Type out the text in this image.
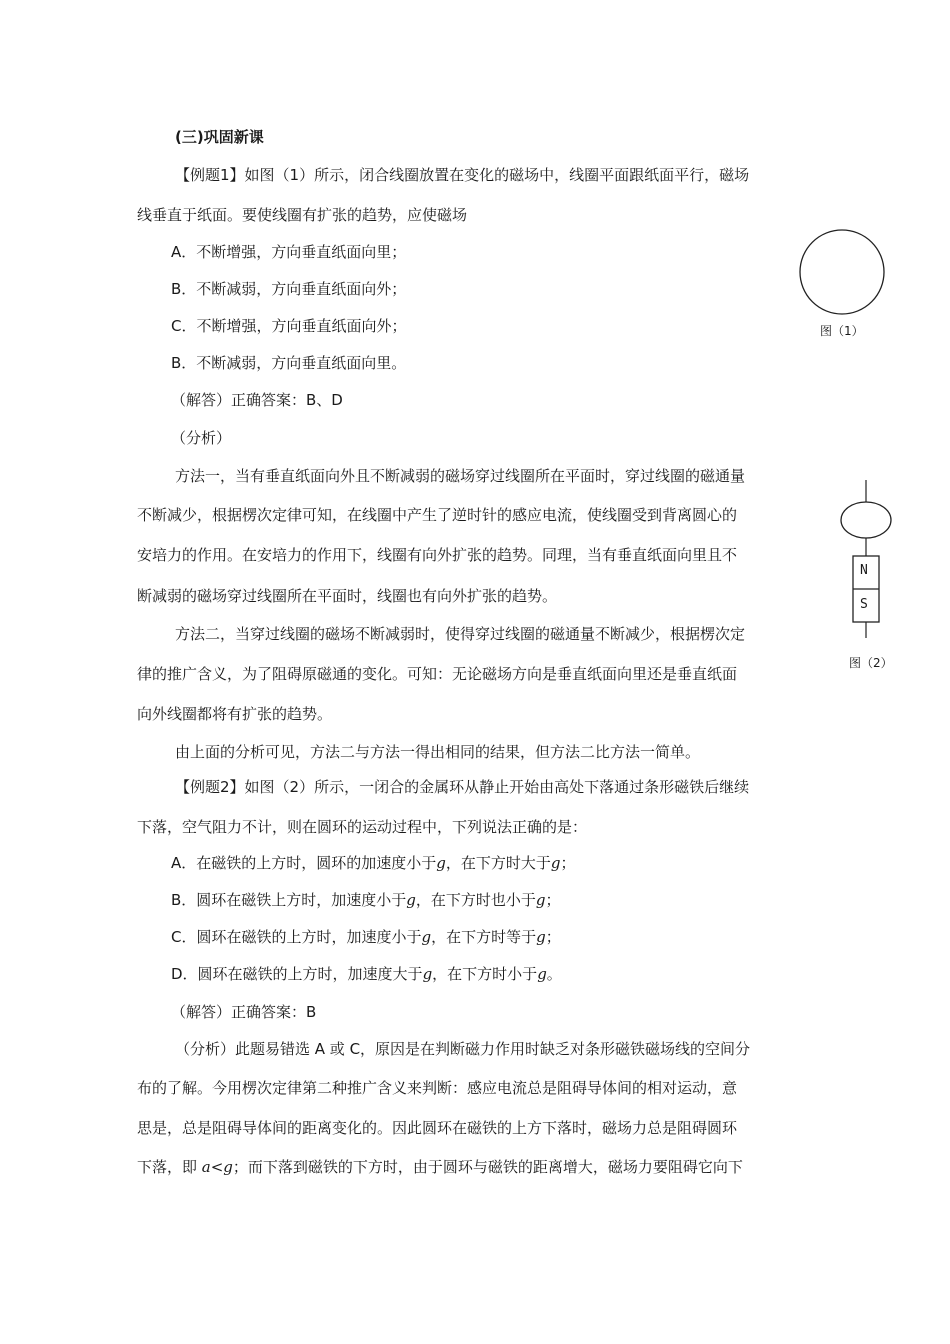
(三)巩固新课
【例题1】如图（1）所示，闭合线圈放置在变化的磁场中，线圈平面跟纸面平行，磁场
线垂直于纸面。要使线圈有扩张的趋势，应使磁场
A．不断增强，方向垂直纸面向里；
B．不断减弱，方向垂直纸面向外；
C．不断增强，方向垂直纸面向外；
B．不断减弱，方向垂直纸面向里。
（解答）正确答案：B、D
（分析）
方法一，当有垂直纸面向外且不断减弱的磁场穿过线圈所在平面时，穿过线圈的磁通量
不断减少，根据楞次定律可知，在线圈中产生了逆时针的感应电流，使线圈受到背离圆心的
安培力的作用。在安培力的作用下，线圈有向外扩张的趋势。同理，当有垂直纸面向里且不
断减弱的磁场穿过线圈所在平面时，线圈也有向外扩张的趋势。
方法二，当穿过线圈的磁场不断减弱时，使得穿过线圈的磁通量不断减少，根据楞次定
律的推广含义，为了阻碍原磁通的变化。可知：无论磁场方向是垂直纸面向里还是垂直纸面
向外线圈都将有扩张的趋势。
由上面的分析可见，方法二与方法一得出相同的结果，但方法二比方法一简单。
【例题2】如图（2）所示，一闭合的金属环从静止开始由高处下落通过条形磁铁后继续
下落，空气阻力不计，则在圆环的运动过程中，下列说法正确的是：
A．在磁铁的上方时，圆环的加速度小于g，在下方时大于g；
B．圆环在磁铁上方时，加速度小于g，在下方时也小于g；
C．圆环在磁铁的上方时，加速度小于g，在下方时等于g；
D．圆环在磁铁的上方时，加速度大于g，在下方时小于g。
（解答）正确答案：B
（分析）此题易错选 A 或 C，原因是在判断磁力作用时缺乏对条形磁铁磁场线的空间分
布的了解。今用楞次定律第二种推广含义来判断：感应电流总是阻碍导体间的相对运动，意
思是，总是阻碍导体间的距离变化的。因此圆环在磁铁的上方下落时，磁场力总是阻碍圆环
下落，即 a<g；而下落到磁铁的下方时，由于圆环与磁铁的距离增大，磁场力要阻碍它向下
图（1）
N
S
图（2）
